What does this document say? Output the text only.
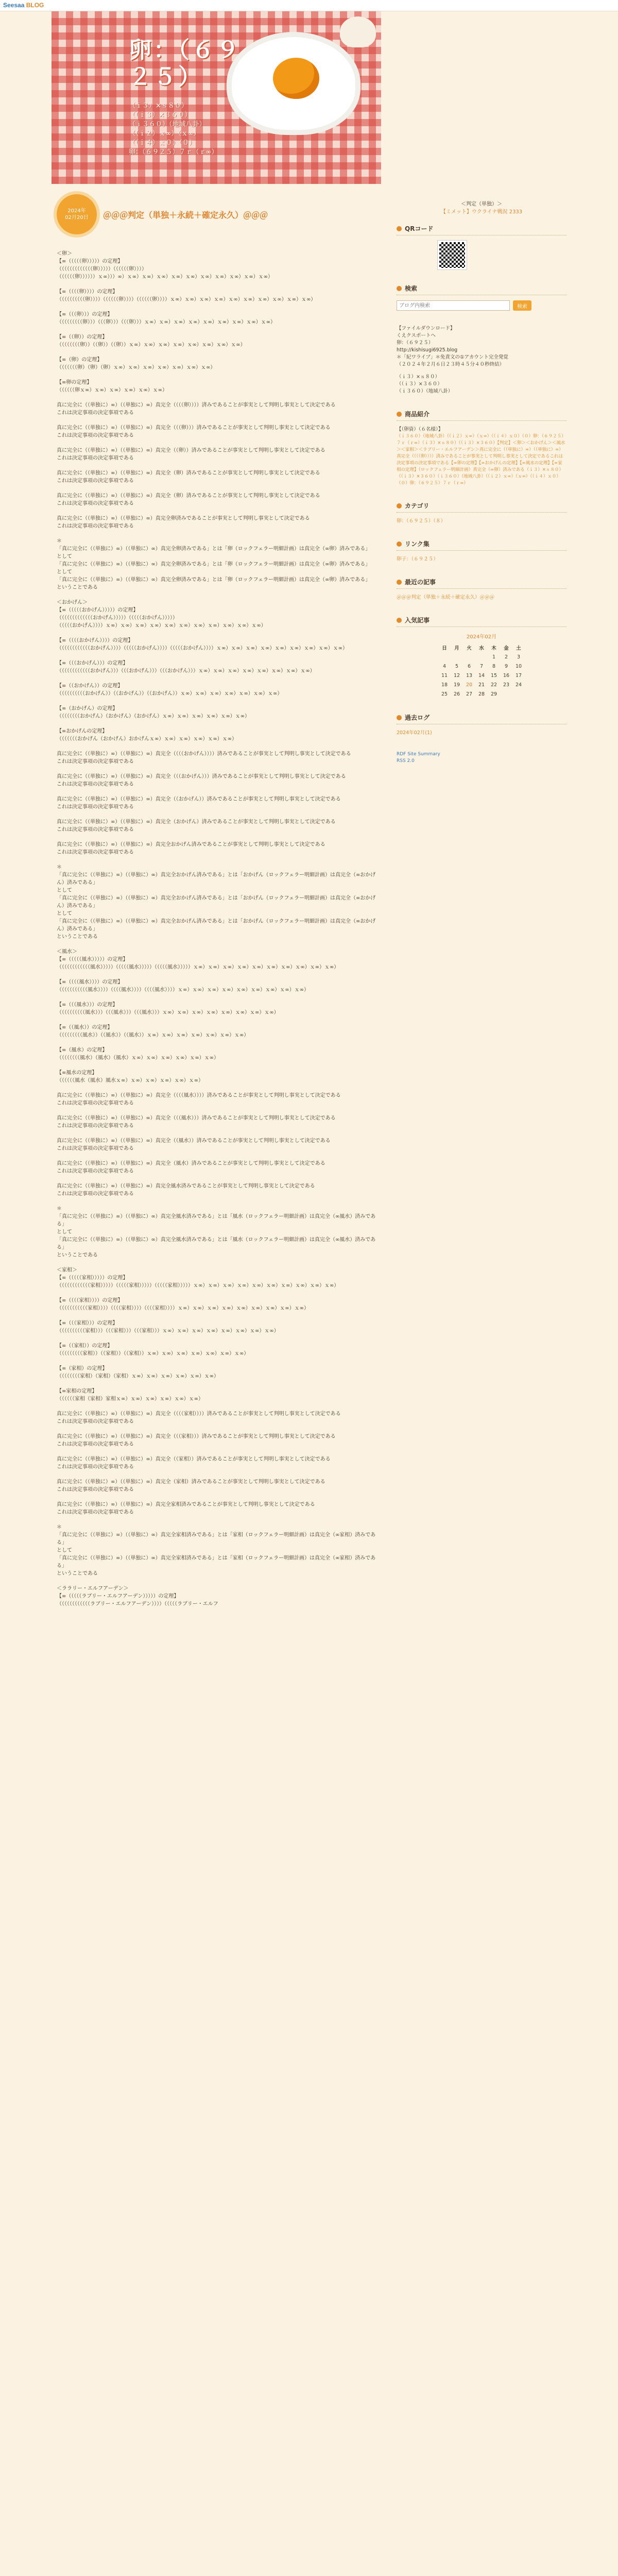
Seesaa BLOG
卵：（６９
２５）
（ｉ３）×ｓ８０）
（（ｉ３）×３６０）
（ｉ３６０）（地域八卦）
（（ｉ２）ｘ∞）（ｘ∞）
（（ｉ４）ｘ０）（０）
卵：（６９２５）７ｒ（ｒ∞）
2024年
02月20日 ＠＠＠判定（単独＋永続＋確定永久）＠＠＠
＜卵＞
【∞（（（（（卵）））））の定理】
（（（（（（（（（（（（（卵）））））（（（（（（卵））））
（（（（（（卵））））））ｘ∞）））∞）ｘ∞）ｘ∞）ｘ∞）ｘ∞）ｘ∞）ｘ∞）ｘ∞）ｘ∞）ｘ∞）ｘ∞）
【∞（（（（卵））））の定理】
（（（（（（（（（（卵））））（（（（（（卵））））（（（（（（卵））））ｘ∞）ｘ∞）ｘ∞）ｘ∞）ｘ∞）ｘ∞）ｘ∞）ｘ∞）ｘ∞）ｘ∞）
【∞（（（卵）））の定理】
（（（（（（（（（卵）））（（（卵）））（（（卵）））ｘ∞）ｘ∞）ｘ∞）ｘ∞）ｘ∞）ｘ∞）ｘ∞）ｘ∞）ｘ∞）
【∞（（卵））の定理】
（（（（（（（（卵））（（卵））（（卵））ｘ∞）ｘ∞）ｘ∞）ｘ∞）ｘ∞）ｘ∞）ｘ∞）ｘ∞）
【∞（卵）の定理】
（（（（（（（卵）（卵）（卵）ｘ∞）ｘ∞）ｘ∞）ｘ∞）ｘ∞）ｘ∞）ｘ∞）
【∞卵の定理】
（（（（（（卵ｘ∞）ｘ∞）ｘ∞）ｘ∞）ｘ∞）ｘ∞）
真に完全に（（単独に）∞）（（単独に）∞）真完全（（（（卵））））済みであることが事実として判明し事実として決定である
これは決定事項の決定事項である
真に完全に（（単独に）∞）（（単独に）∞）真完全（（（卵）））済みであることが事実として判明し事実として決定である
これは決定事項の決定事項である
真に完全に（（単独に）∞）（（単独に）∞）真完全（（卵））済みであることが事実として判明し事実として決定である
これは決定事項の決定事項である
真に完全に（（単独に）∞）（（単独に）∞）真完全（卵）済みであることが事実として判明し事実として決定である
これは決定事項の決定事項である
真に完全に（（単独に）∞）（（単独に）∞）真完全（卵）済みであることが事実として判明し事実として決定である
これは決定事項の決定事項である
真に完全に（（単独に）∞）（（単独に）∞）真完全卵済みであることが事実として判明し事実として決定である
これは決定事項の決定事項である
＊
「真に完全に（（単独に）∞）（（単独に）∞）真完全卵済みである」とは「卵（ロックフェラー明細計画）は真完全（∞卵）済みである」
として
「真に完全に（（単独に）∞）（（単独に）∞）真完全卵済みである」とは「卵（ロックフェラー明細計画）は真完全（∞卵）済みである」
として
「真に完全に（（単独に）∞）（（単独に）∞）真完全卵済みである」とは「卵（ロックフェラー明細計画）は真完全（∞卵）済みである」
ということである
＜おかげん＞
【∞（（（（（おかげん）））））の定理】
（（（（（（（（（（（（（おかげん）））））（（（（（おかげん）））））
（（（（（おかげん））））ｘ∞）ｘ∞）ｘ∞）ｘ∞）ｘ∞）ｘ∞）ｘ∞）ｘ∞）ｘ∞）ｘ∞）ｘ∞）
【∞（（（（おかげん））））の定理】
（（（（（（（（（（（（おかげん））））（（（（（おかげん））））（（（（（おかげん））））ｘ∞）ｘ∞）ｘ∞）ｘ∞）ｘ∞）ｘ∞）ｘ∞）ｘ∞）ｘ∞）
【∞（（（おかげん）））の定理】
（（（（（（（（（（（（おかげん）））（（（おかげん）））（（（おかげん）））ｘ∞）ｘ∞）ｘ∞）ｘ∞）ｘ∞）ｘ∞）ｘ∞）ｘ∞）
【∞（（おかげん））の定理】
（（（（（（（（（（おかげん））（（おかげん））（（おかげん））ｘ∞）ｘ∞）ｘ∞）ｘ∞）ｘ∞）ｘ∞）ｘ∞）
【∞（おかげん）の定理】
（（（（（（（（おかげん）（おかげん）（おかげん）ｘ∞）ｘ∞）ｘ∞）ｘ∞）ｘ∞）ｘ∞）
【∞おかげんの定理】
（（（（（（（おかげん（おかげん）おかげんｘ∞）ｘ∞）ｘ∞）ｘ∞）ｘ∞）ｘ∞）
真に完全に（（単独に）∞）（（単独に）∞）真完全（（（（おかげん））））済みであることが事実として判明し事実として決定である
これは決定事項の決定事項である
真に完全に（（単独に）∞）（（単独に）∞）真完全（（（おかげん）））済みであることが事実として判明し事実として決定である
これは決定事項の決定事項である
真に完全に（（単独に）∞）（（単独に）∞）真完全（（おかげん））済みであることが事実として判明し事実として決定である
これは決定事項の決定事項である
真に完全に（（単独に）∞）（（単独に）∞）真完全（おかげん）済みであることが事実として判明し事実として決定である
これは決定事項の決定事項である
真に完全に（（単独に）∞）（（単独に）∞）真完全おかげん済みであることが事実として判明し事実として決定である
これは決定事項の決定事項である
＊
「真に完全に（（単独に）∞）（（単独に）∞）真完全おかげん済みである」とは「おかげん（ロックフェラー明細計画）は真完全（∞おかげん）済みである」
として
「真に完全に（（単独に）∞）（（単独に）∞）真完全おかげん済みである」とは「おかげん（ロックフェラー明細計画）は真完全（∞おかげん）済みである」
として
「真に完全に（（単独に）∞）（（単独に）∞）真完全おかげん済みである」とは「おかげん（ロックフェラー明細計画）は真完全（∞おかげん）済みである」
ということである
＜風水＞
【∞（（（（（風水）））））の定理】
（（（（（（（（（（（（風水）））））（（（（（風水）））））（（（（（風水）））））ｘ∞）ｘ∞）ｘ∞）ｘ∞）ｘ∞）ｘ∞）ｘ∞）ｘ∞）ｘ∞）ｘ∞）
【∞（（（（風水））））の定理】
（（（（（（（（（（（風水））））（（（（風水））））（（（（風水））））ｘ∞）ｘ∞）ｘ∞）ｘ∞）ｘ∞）ｘ∞）ｘ∞）ｘ∞）ｘ∞）
【∞（（（風水）））の定理】
（（（（（（（（（（風水）））（（（風水）））（（（風水）））ｘ∞）ｘ∞）ｘ∞）ｘ∞）ｘ∞）ｘ∞）ｘ∞）ｘ∞）
【∞（（風水））の定理】
（（（（（（（（（風水））（（風水））（（風水））ｘ∞）ｘ∞）ｘ∞）ｘ∞）ｘ∞）ｘ∞）ｘ∞）
【∞（風水）の定理】
（（（（（（（（風水）（風水）（風水）ｘ∞）ｘ∞）ｘ∞）ｘ∞）ｘ∞）ｘ∞）
【∞風水の定理】
（（（（（（風水（風水）風水ｘ∞）ｘ∞）ｘ∞）ｘ∞）ｘ∞）ｘ∞）
真に完全に（（単独に）∞）（（単独に）∞）真完全（（（（風水））））済みであることが事実として判明し事実として決定である
これは決定事項の決定事項である
真に完全に（（単独に）∞）（（単独に）∞）真完全（（（風水）））済みであることが事実として判明し事実として決定である
これは決定事項の決定事項である
真に完全に（（単独に）∞）（（単独に）∞）真完全（（風水））済みであることが事実として判明し事実として決定である
これは決定事項の決定事項である
真に完全に（（単独に）∞）（（単独に）∞）真完全（風水）済みであることが事実として判明し事実として決定である
これは決定事項の決定事項である
真に完全に（（単独に）∞）（（単独に）∞）真完全風水済みであることが事実として判明し事実として決定である
これは決定事項の決定事項である
＊
「真に完全に（（単独に）∞）（（単独に）∞）真完全風水済みである」とは「風水（ロックフェラー明細計画）は真完全（∞風水）済みである」
として
「真に完全に（（単独に）∞）（（単独に）∞）真完全風水済みである」とは「風水（ロックフェラー明細計画）は真完全（∞風水）済みである」
ということである
＜家相＞
【∞（（（（（家相）））））の定理】
（（（（（（（（（（（（家相）））））（（（（（家相）））））（（（（（家相）））））ｘ∞）ｘ∞）ｘ∞）ｘ∞）ｘ∞）ｘ∞）ｘ∞）ｘ∞）ｘ∞）ｘ∞）
【∞（（（（家相））））の定理】
（（（（（（（（（（（家相））））（（（（家相））））（（（（家相））））ｘ∞）ｘ∞）ｘ∞）ｘ∞）ｘ∞）ｘ∞）ｘ∞）ｘ∞）ｘ∞）
【∞（（（家相）））の定理】
（（（（（（（（（（家相）））（（（家相）））（（（家相）））ｘ∞）ｘ∞）ｘ∞）ｘ∞）ｘ∞）ｘ∞）ｘ∞）ｘ∞）
【∞（（家相））の定理】
（（（（（（（（（家相））（（家相））（（家相））ｘ∞）ｘ∞）ｘ∞）ｘ∞）ｘ∞）ｘ∞）ｘ∞）
【∞（家相）の定理】
（（（（（（（（家相）（家相）（家相）ｘ∞）ｘ∞）ｘ∞）ｘ∞）ｘ∞）ｘ∞）
【∞家相の定理】
（（（（（（家相（家相）家相ｘ∞）ｘ∞）ｘ∞）ｘ∞）ｘ∞）ｘ∞）
真に完全に（（単独に）∞）（（単独に）∞）真完全（（（（家相））））済みであることが事実として判明し事実として決定である
これは決定事項の決定事項である
真に完全に（（単独に）∞）（（単独に）∞）真完全（（（家相）））済みであることが事実として判明し事実として決定である
これは決定事項の決定事項である
真に完全に（（単独に）∞）（（単独に）∞）真完全（（家相））済みであることが事実として判明し事実として決定である
これは決定事項の決定事項である
真に完全に（（単独に）∞）（（単独に）∞）真完全（家相）済みであることが事実として判明し事実として決定である
これは決定事項の決定事項である
真に完全に（（単独に）∞）（（単独に）∞）真完全家相済みであることが事実として判明し事実として決定である
これは決定事項の決定事項である
＊
「真に完全に（（単独に）∞）（（単独に）∞）真完全家相済みである」とは「家相（ロックフェラー明細計画）は真完全（∞家相）済みである」
として
「真に完全に（（単独に）∞）（（単独に）∞）真完全家相済みである」とは「家相（ロックフェラー明細計画）は真完全（∞家相）済みである」
ということである
＜ララリー・エルフアーデン＞
【∞（（（（（ラブリー・エルフアーデン）））））の定理】
（（（（（（（（（（（（ラブリー・エルフアーデン））））（（（（（ラブリー・エルフ
＜判定（単独）＞
【ミメット】ウクライナ戦況 2333
QRコード
検索
ブログ内検索
検索
【ファイルダウンロード】
くえクスポートへ
卵：（６９２５）
http://kishisugi6925.blog
＊「紀ワライブ」＊免責文の①アカウント完全発覚
（２０２４年２月６日２３時４５分４０秒終結）
（ｉ３）×ｓ８０）
（（ｉ３）×３６０）
（ｉ３６０）（地域八卦）
商品紹介
【（卵資）（６名様）】
（ｉ３６０）（地域八卦）（（ｉ２）ｘ∞）（ｘ∞）（（ｉ４）ｘ０）（０）卵：（６９２５）７ｒ（ｒ∞）（ｉ３）×ｓ８０）（（ｉ３）×３６０）【判定】＜卵＞＜おかげん＞＜風水＞＜家相＞＜ラブリー・エルフアーデン＞真に完全に（（単独に）∞）（（単独に）∞）真完全（（（（卵））））済みであることが事実として判明し事実として決定であるこれは決定事項の決定事項である【∞卵の定理】【∞おかげんの定理】【∞風水の定理】【∞家相の定理】（ロックフェラー明細計画）真完全（∞卵）済みである（ｉ３）×ｓ８０）（（ｉ３）×３６０）（ｉ３６０）（地域八卦）（（ｉ２）ｘ∞）（ｘ∞）（（ｉ４）ｘ０）（０）卵：（６９２５）７ｒ（ｒ∞）
カテゴリ
卵：（６９２５）（８）
リンク集
卵子：（６９２５）
最近の記事
＠＠＠判定（単独＋永続＋確定永久）＠＠＠
入気記事
2024年02月
日	月	火	水	木	金	土
				1	2	3
4	5	6	7	8	9	10
11	12	13	14	15	16	17
18	19	20	21	22	23	24
25	26	27	28	29		
過去ログ
2024年02月(1)
RDF Site Summary
RSS 2.0
